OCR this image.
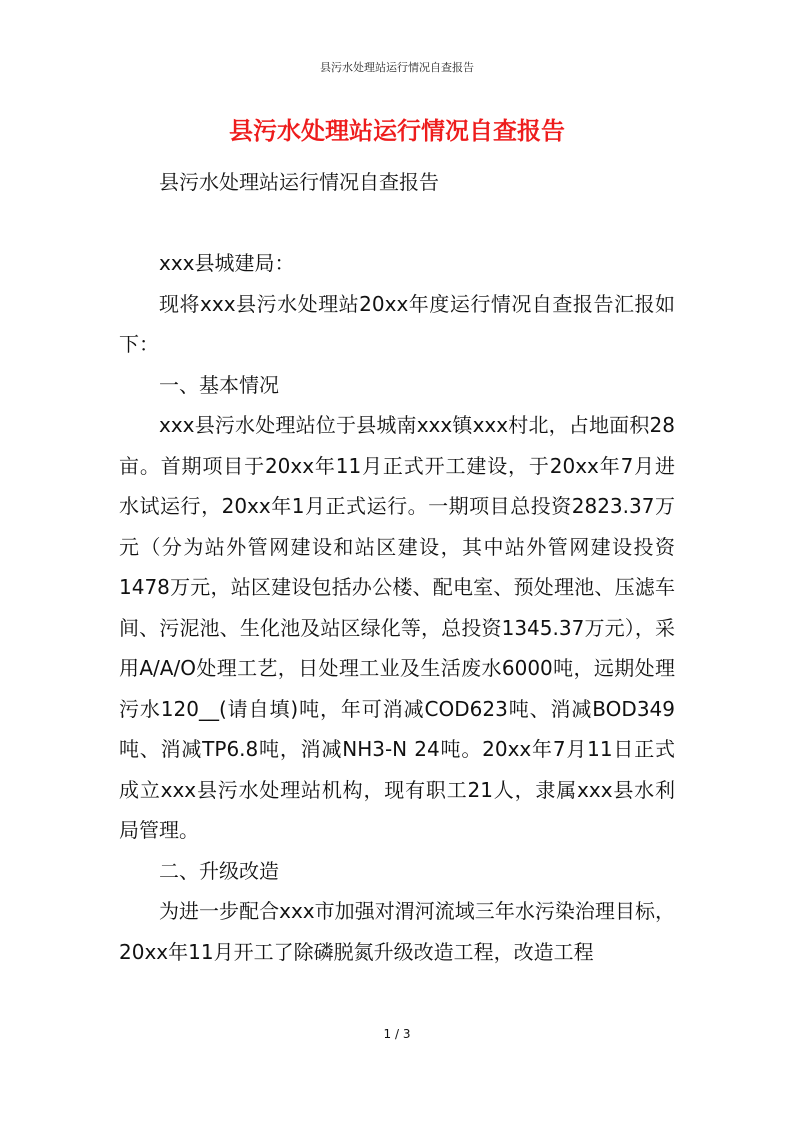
县污水处理站运行情况自查报告
县污水处理站运行情况自查报告

县污水处理站运行情况自查报告

xxx县城建局：

现将xxx县污水处理站20xx年度运行情况自查报告汇报如下：

一、基本情况

xxx县污水处理站位于县城南xxx镇xxx村北，占地面积28亩。首期项目于20xx年11月正式开工建设，于20xx年7月进水试运行，20xx年1月正式运行。一期项目总投资2823.37万元（分为站外管网建设和站区建设，其中站外管网建设投资1478万元，站区建设包括办公楼、配电室、预处理池、压滤车间、污泥池、生化池及站区绿化等，总投资1345.37万元），采用A/A/O处理工艺，日处理工业及生活废水6000吨，远期处理污水120__(请自填)吨，年可消减COD623吨、消减BOD349吨、消减TP6.8吨，消减NH3-N 24吨。20xx年7月11日正式成立xxx县污水处理站机构，现有职工21人，隶属xxx县水利局管理。

二、升级改造

为进一步配合xxx市加强对渭河流域三年水污染治理目标，20xx年11月开工了除磷脱氮升级改造工程，改造工程

1 / 3
